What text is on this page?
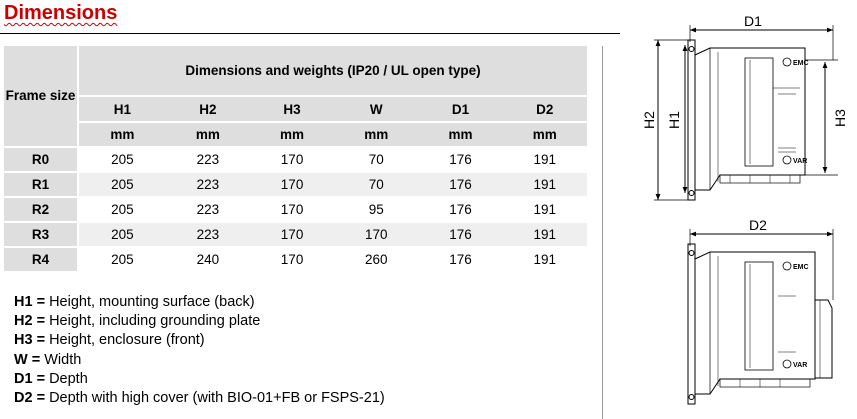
Dimensions
Frame size	Dimensions and weights (IP20 / UL open type)					
	H1	H2	H3	W	D1	D2
	mm	mm	mm	mm	mm	mm
R0	205	223	170	70	176	191
R1	205	223	170	70	176	191
R2	205	223	170	95	176	191
R3	205	223	170	170	176	191
R4	205	240	170	260	176	191
H1 = Height, mounting surface (back)
H2 = Height, including grounding plate
H3 = Height, enclosure (front)
W = Width
D1 = Depth
D2 = Depth with high cover (with BIO-01+FB or FSPS-21)
EMC
VAR
D1
H2 H1	H3
EMC
VAR
D2
